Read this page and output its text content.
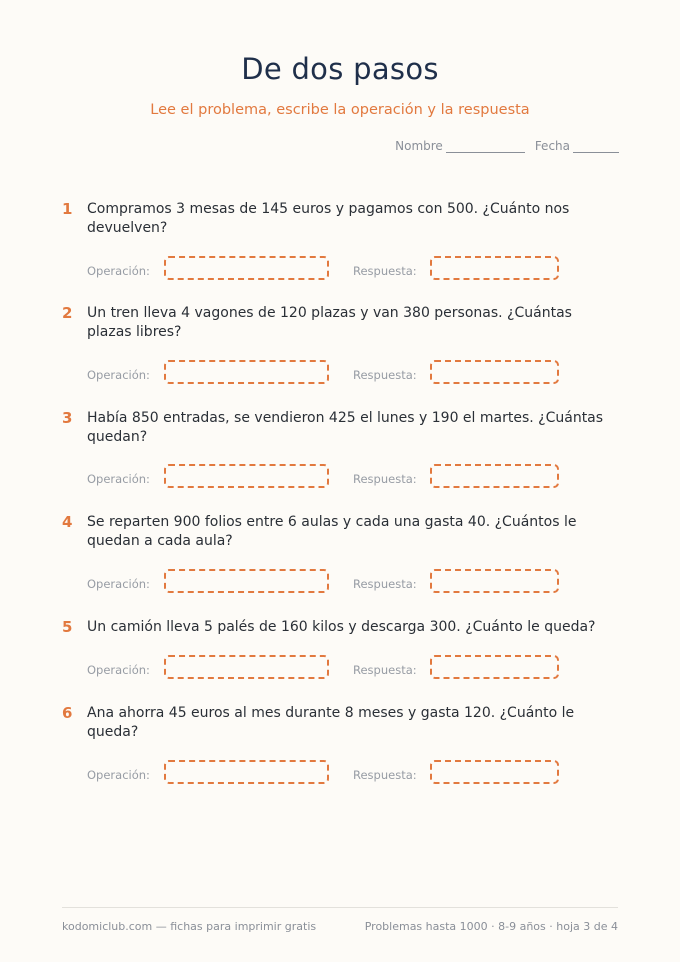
De dos pasos
Lee el problema, escribe la operación y la respuesta
Nombre	Fecha
1	Compramos 3 mesas de 145 euros y pagamos con 500. ¿Cuánto nos devuelven?
Operación:	Respuesta:
2	Un tren lleva 4 vagones de 120 plazas y van 380 personas. ¿Cuántas plazas libres?
Operación:	Respuesta:
3	Había 850 entradas, se vendieron 425 el lunes y 190 el martes. ¿Cuántas quedan?
Operación:	Respuesta:
4	Se reparten 900 folios entre 6 aulas y cada una gasta 40. ¿Cuántos le quedan a cada aula?
Operación:	Respuesta:
5	Un camión lleva 5 palés de 160 kilos y descarga 300. ¿Cuánto le queda?
Operación:	Respuesta:
6	Ana ahorra 45 euros al mes durante 8 meses y gasta 120. ¿Cuánto le queda?
Operación:	Respuesta:
kodomiclub.com — fichas para imprimir gratis	Problemas hasta 1000 · 8-9 años · hoja 3 de 4
